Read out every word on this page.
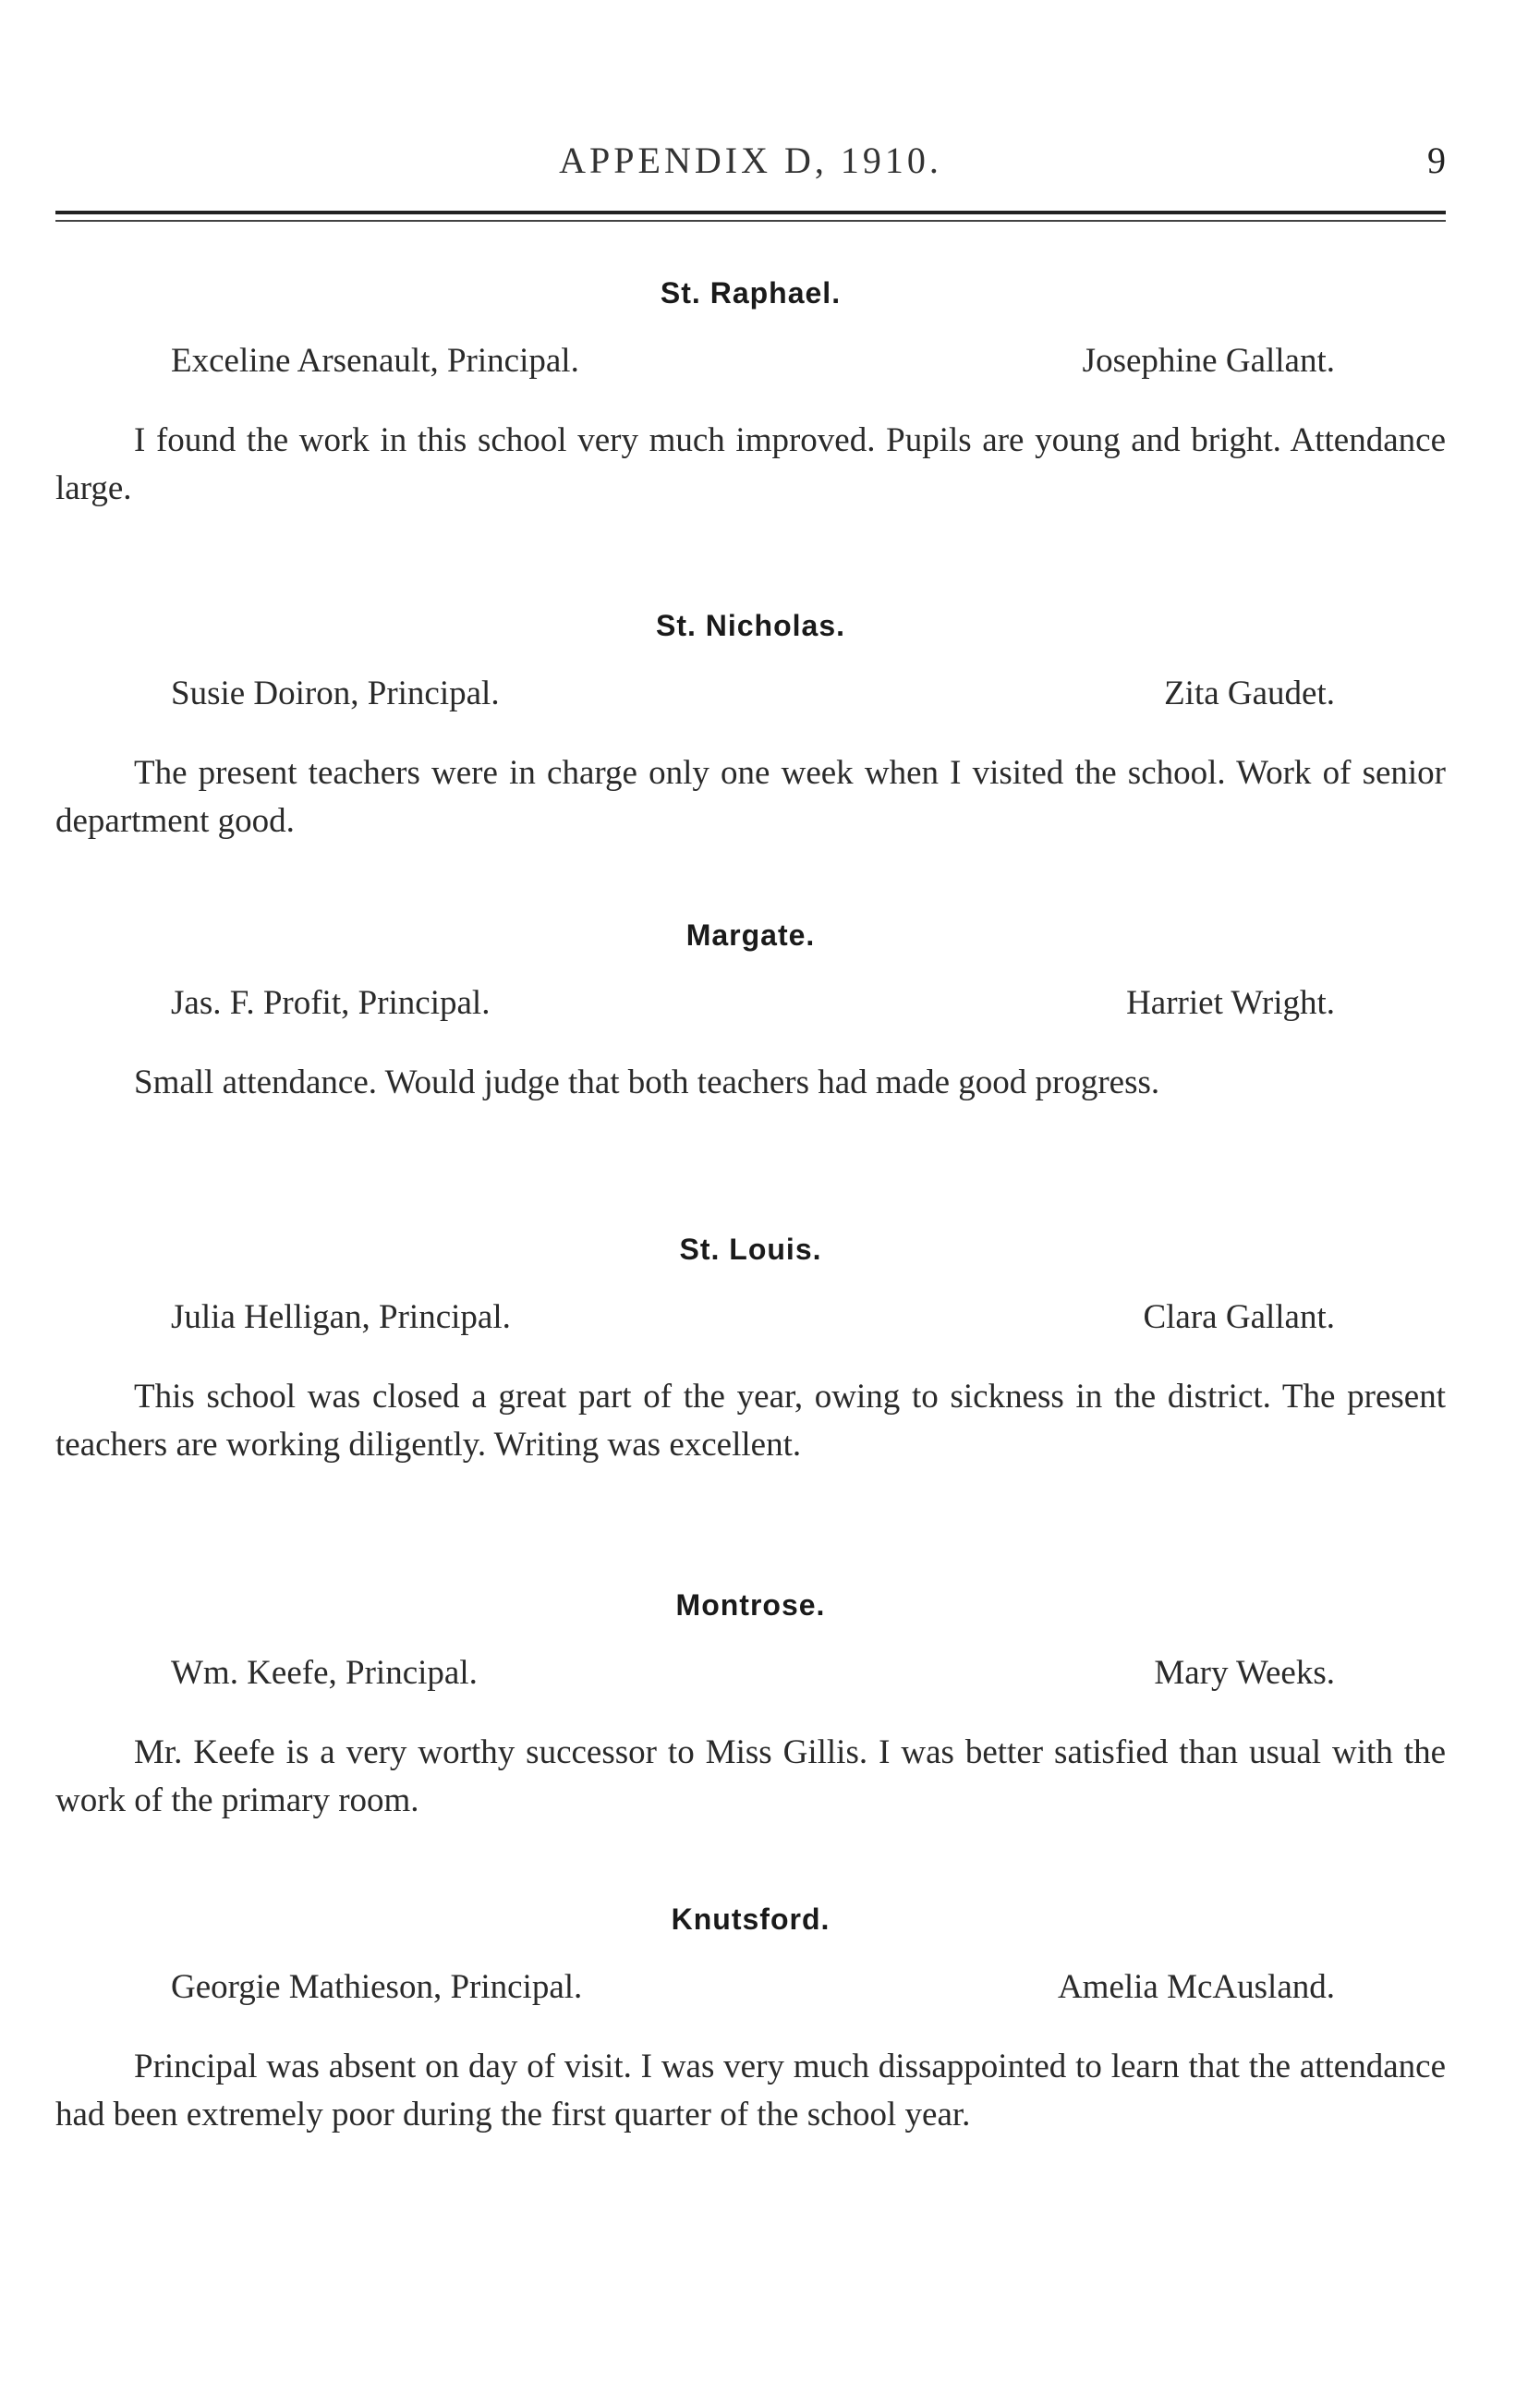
APPENDIX D, 1910.	9
St. Raphael.
Exceline Arsenault, Principal.	Josephine Gallant.
I found the work in this school very much improved. Pupils are young and bright. Attendance large.
St. Nicholas.
Susie Doiron, Principal.	Zita Gaudet.
The present teachers were in charge only one week when I visited the school. Work of senior department good.
Margate.
Jas. F. Profit, Principal.	Harriet Wright.
Small attendance. Would judge that both teachers had made good progress.
St. Louis.
Julia Helligan, Principal.	Clara Gallant.
This school was closed a great part of the year, owing to sickness in the district. The present teachers are working diligently. Writing was excellent.
Montrose.
Wm. Keefe, Principal.	Mary Weeks.
Mr. Keefe is a very worthy successor to Miss Gillis. I was better satisfied than usual with the work of the primary room.
Knutsford.
Georgie Mathieson, Principal.	Amelia McAusland.
Principal was absent on day of visit. I was very much dissappointed to learn that the attendance had been extremely poor during the first quarter of the school year.
